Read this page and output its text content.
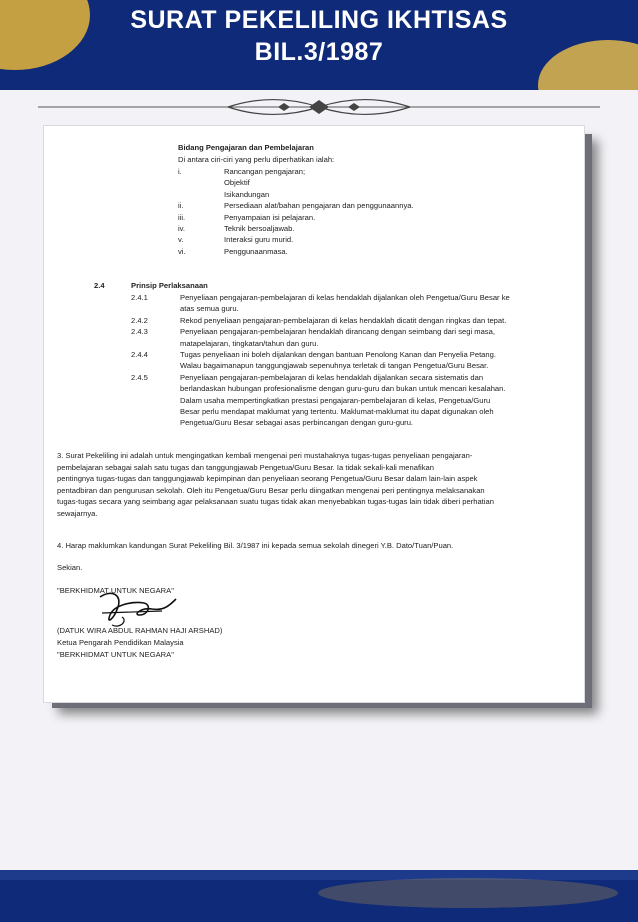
SURAT PEKELILING IKHTISAS
BIL.3/1987
Bidang Pengajaran dan Pembelajaran
Di antara ciri-ciri yang perlu diperhatikan ialah:
i.	Rancangan pengajaran;
Objektif
Isikandungan
ii.	Persediaan alat/bahan pengajaran dan penggunaannya.
iii.	Penyampaian isi pelajaran.
iv.	Teknik bersoaljawab.
v.	Interaksi guru murid.
vi.	Penggunaanmasa.
2.4	Prinsip Perlaksanaan
2.4.1	Penyeliaan pengajaran-pembelajaran di kelas hendaklah dijalankan oleh Pengetua/Guru Besar ke
atas semua guru.
2.4.2	Rekod penyeliaan pengajaran-pembelajaran di kelas hendaklah dicatit dengan ringkas dan tepat.
2.4.3	Penyeliaan pengajaran-pembelajaran hendaklah dirancang dengan seimbang dari segi masa,
matapelajaran, tingkatan/tahun dan guru.
2.4.4	Tugas penyeliaan ini boleh dijalankan dengan bantuan Penolong Kanan dan Penyelia Petang.
Walau bagaimanapun tanggungjawab sepenuhnya terletak di tangan Pengetua/Guru Besar.
2.4.5	Penyeliaan pengajaran-pembelajaran di kelas hendaklah dijalankan secara sistematis dan
berlandaskan hubungan profesionalisme dengan guru-guru dan bukan untuk mencari kesalahan.
Dalam usaha mempertingkatkan prestasi pengajaran-pembelajaran di kelas, Pengetua/Guru
Besar perlu mendapat maklumat yang tertentu. Maklumat-maklumat itu dapat digunakan oleh
Pengetua/Guru Besar sebagai asas perbincangan dengan guru-guru.
3. Surat Pekeliling ini adalah untuk mengingatkan kembali mengenai peri mustahaknya tugas-tugas penyeliaan pengajaran-
pembelajaran sebagai salah satu tugas dan tanggungjawab Pengetua/Guru Besar. Ia tidak sekali-kali menafikan
pentingnya tugas-tugas dan tanggungjawab kepimpinan dan penyeliaan seorang Pengetua/Guru Besar dalam lain-lain aspek
pentadbiran dan pengurusan sekolah. Oleh itu Pengetua/Guru Besar perlu diingatkan mengenai peri pentingnya melaksanakan
tugas-tugas secara yang seimbang agar pelaksanaan suatu tugas tidak akan menyebabkan tugas-tugas lain tidak diberi perhatian
sewajarnya.
4. Harap maklumkan kandungan Surat Pekeliling Bil. 3/1987 ini kepada semua sekolah dinegeri Y.B. Dato/Tuan/Puan.
Sekian.
"BERKHIDMAT UNTUK NEGARA"
(DATUK WIRA ABDUL RAHMAN HAJI ARSHAD)
Ketua Pengarah Pendidikan Malaysia
"BERKHIDMAT UNTUK NEGARA"
